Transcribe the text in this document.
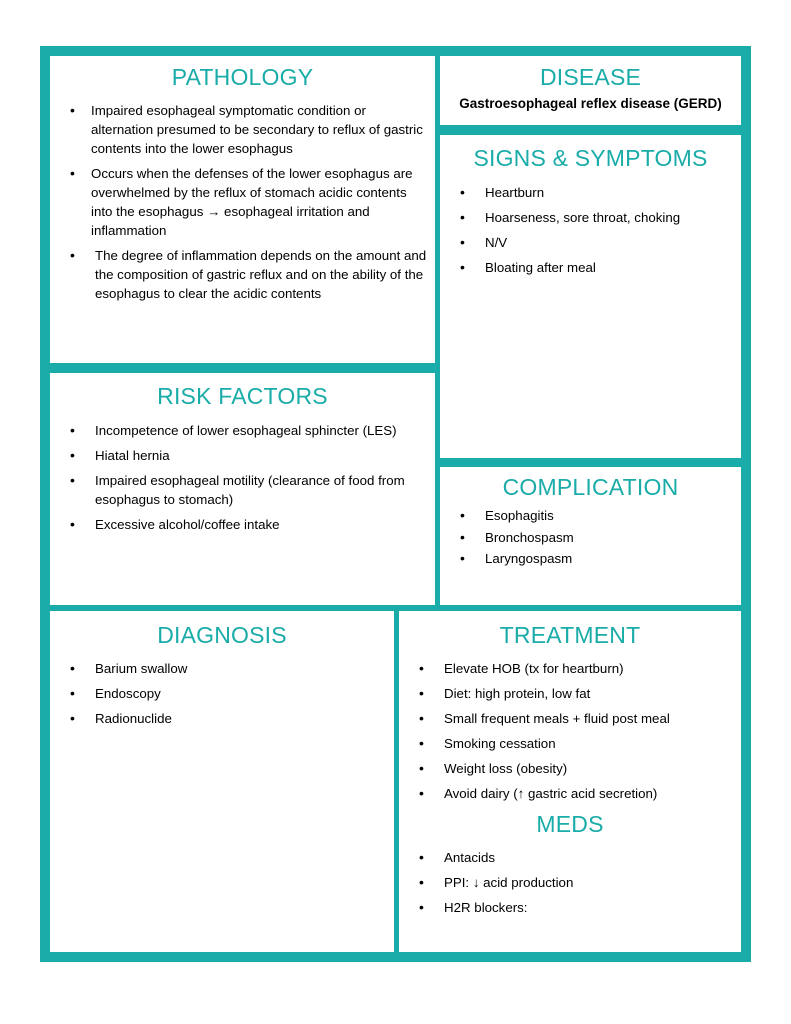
PATHOLOGY
• Impaired esophageal symptomatic condition or alternation presumed to be secondary to reflux of gastric contents into the lower esophagus
• Occurs when the defenses of the lower esophagus are overwhelmed by the reflux of stomach acidic contents into the esophagus → esophageal irritation and inflammation
• The degree of inflammation depends on the amount and the composition of gastric reflux and on the ability of the esophagus to clear the acidic contents
DISEASE
Gastroesophageal reflex disease (GERD)
SIGNS & SYMPTOMS
• Heartburn
• Hoarseness, sore throat, choking
• N/V
• Bloating after meal
RISK FACTORS
• Incompetence of lower esophageal sphincter (LES)
• Hiatal hernia
• Impaired esophageal motility (clearance of food from esophagus to stomach)
• Excessive alcohol/coffee intake
COMPLICATION
• Esophagitis
• Bronchospasm
• Laryngospasm
DIAGNOSIS
• Barium swallow
• Endoscopy
• Radionuclide
TREATMENT
• Elevate HOB (tx for heartburn)
• Diet: high protein, low fat
• Small frequent meals + fluid post meal
• Smoking cessation
• Weight loss (obesity)
• Avoid dairy (↑ gastric acid secretion)
MEDS
• Antacids
• PPI: ↓ acid production
• H2R blockers:
